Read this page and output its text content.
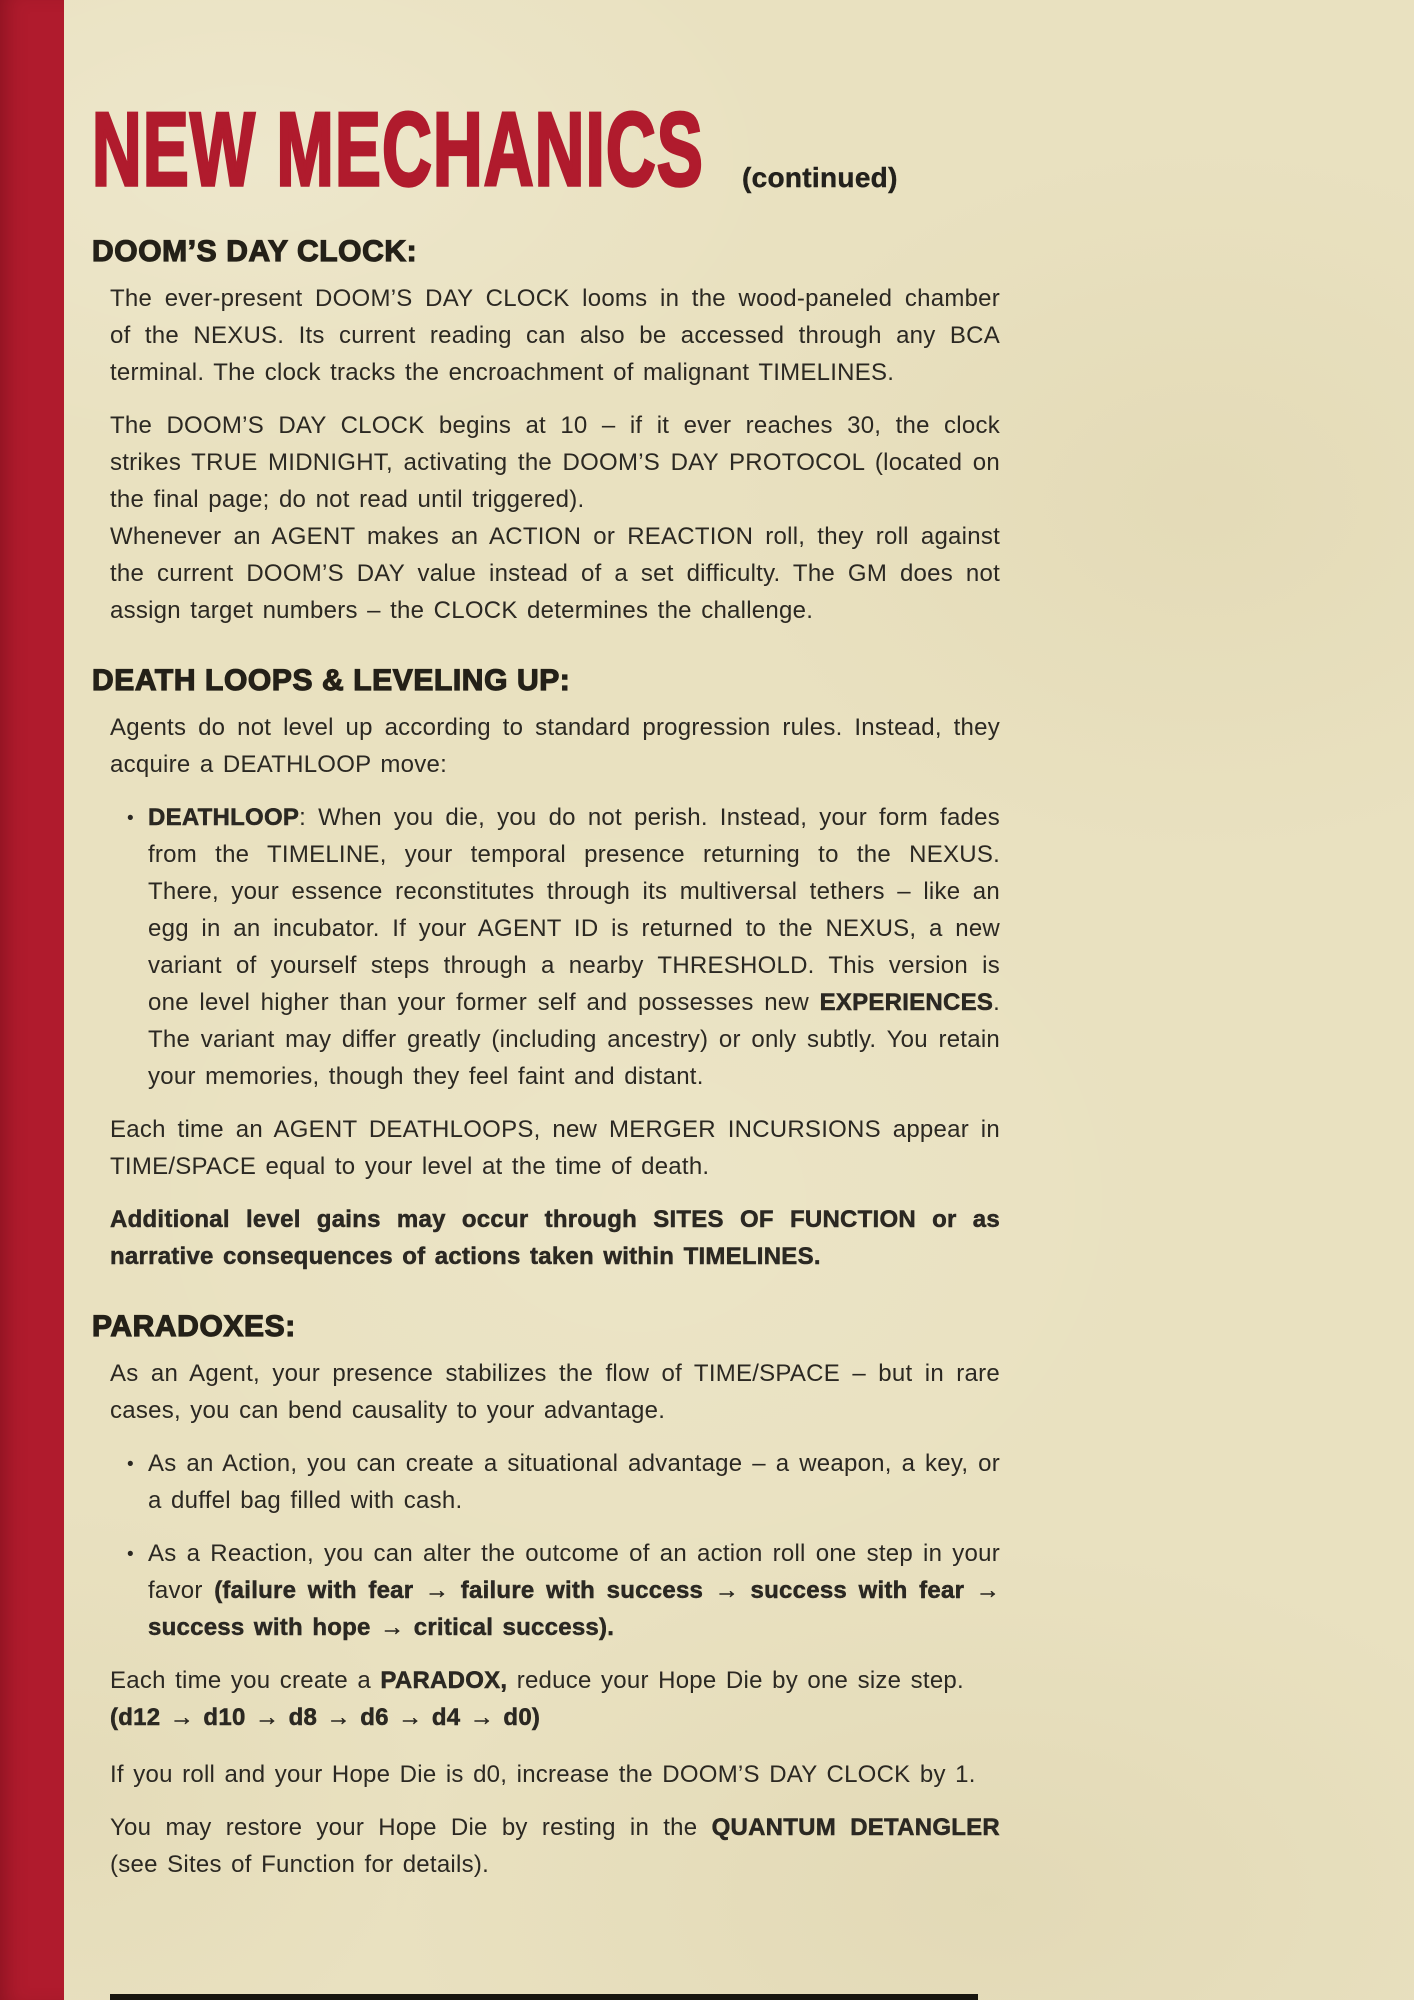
NEW MECHANICS	(continued)
DOOM’S DAY CLOCK:

The ever-present DOOM’S DAY CLOCK looms in the wood-paneled chamber of the NEXUS. Its current reading can also be accessed through any BCA terminal. The clock tracks the encroachment of malignant TIMELINES.

The DOOM’S DAY CLOCK begins at 10 – if it ever reaches 30, the clock strikes TRUE MIDNIGHT, activating the DOOM’S DAY PROTOCOL (located on the final page; do not read until triggered).

Whenever an AGENT makes an ACTION or REACTION roll, they roll against the current DOOM’S DAY value instead of a set difficulty. The GM does not assign target numbers – the CLOCK determines the challenge.

DEATH LOOPS & LEVELING UP:

Agents do not level up according to standard progression rules. Instead, they acquire a DEATHLOOP move:

• DEATHLOOP: When you die, you do not perish. Instead, your form fades from the TIMELINE, your temporal presence returning to the NEXUS. There, your essence reconstitutes through its multiversal tethers – like an egg in an incubator. If your AGENT ID is returned to the NEXUS, a new variant of yourself steps through a nearby THRESHOLD. This version is one level higher than your former self and possesses new EXPERIENCES. The variant may differ greatly (including ancestry) or only subtly. You retain your memories, though they feel faint and distant.

Each time an AGENT DEATHLOOPS, new MERGER INCURSIONS appear in TIME/SPACE equal to your level at the time of death.

Additional level gains may occur through SITES OF FUNCTION or as narrative consequences of actions taken within TIMELINES.

PARADOXES:

As an Agent, your presence stabilizes the flow of TIME/SPACE – but in rare cases, you can bend causality to your advantage.

• As an Action, you can create a situational advantage – a weapon, a key, or a duffel bag filled with cash.
• As a Reaction, you can alter the outcome of an action roll one step in your favor (failure with fear → failure with success → success with fear → success with hope → critical success).

Each time you create a PARADOX, reduce your Hope Die by one size step.

(d12 → d10 → d8 → d6 → d4 → d0)

If you roll and your Hope Die is d0, increase the DOOM’S DAY CLOCK by 1.

You may restore your Hope Die by resting in the QUANTUM DETANGLER (see Sites of Function for details).
